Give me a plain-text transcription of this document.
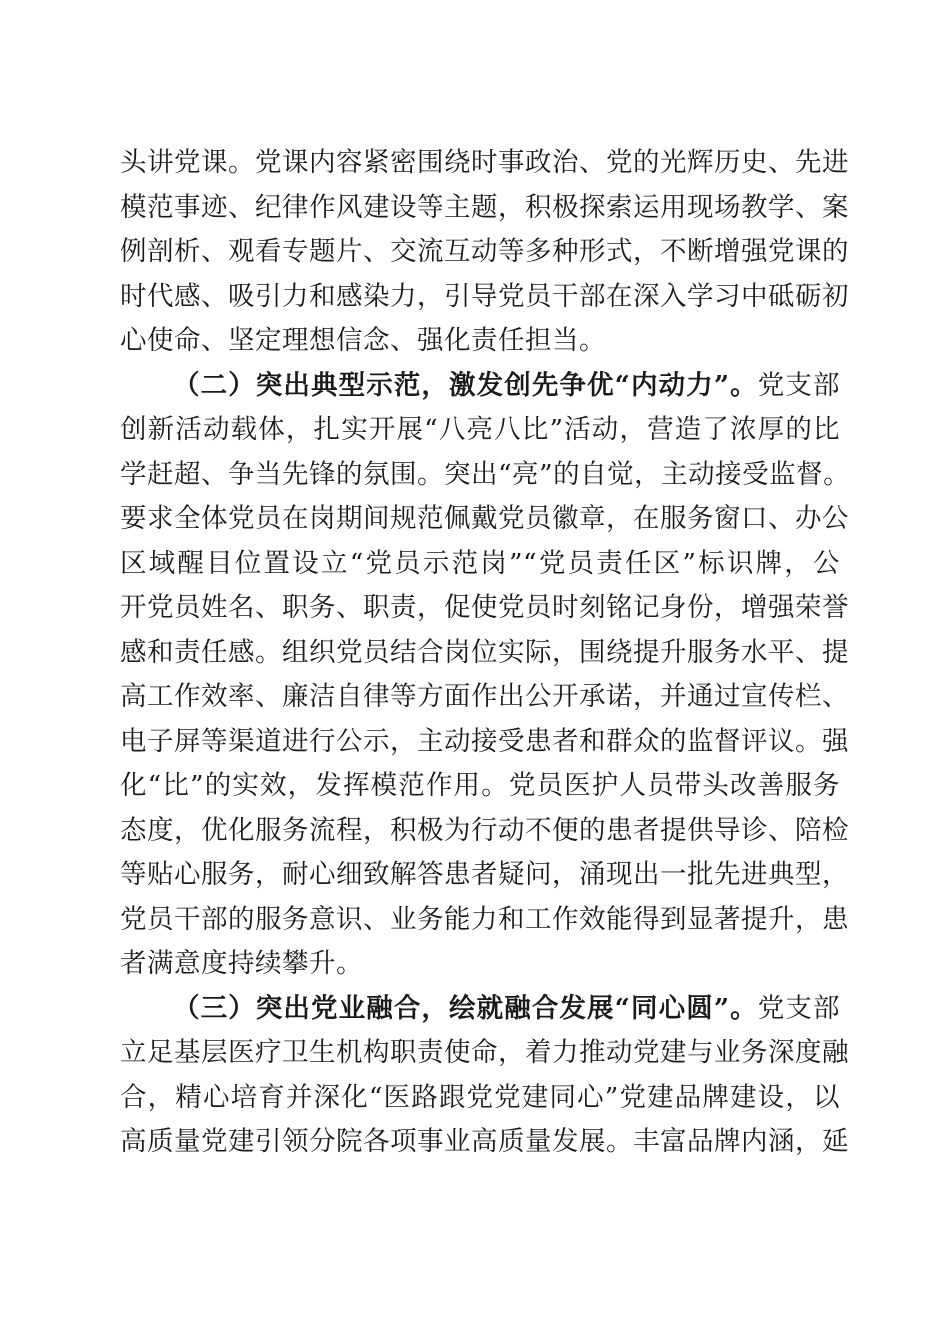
头讲党课。党课内容紧密围绕时事政治、党的光辉历史、先进
模范事迹、纪律作风建设等主题，积极探索运用现场教学、案
例剖析、观看专题片、交流互动等多种形式，不断增强党课的
时代感、吸引力和感染力，引导党员干部在深入学习中砥砺初
心使命、坚定理想信念、强化责任担当。
（二）突出典型示范，激发创先争优“内动力”。党支部
创新活动载体，扎实开展“八亮八比”活动，营造了浓厚的比
学赶超、争当先锋的氛围。突出“亮”的自觉，主动接受监督。
要求全体党员在岗期间规范佩戴党员徽章，在服务窗口、办公
区域醒目位置设立“党员示范岗”“党员责任区”标识牌，公
开党员姓名、职务、职责，促使党员时刻铭记身份，增强荣誉
感和责任感。组织党员结合岗位实际，围绕提升服务水平、提
高工作效率、廉洁自律等方面作出公开承诺，并通过宣传栏、
电子屏等渠道进行公示，主动接受患者和群众的监督评议。强
化“比”的实效，发挥模范作用。党员医护人员带头改善服务
态度，优化服务流程，积极为行动不便的患者提供导诊、陪检
等贴心服务，耐心细致解答患者疑问，涌现出一批先进典型，
党员干部的服务意识、业务能力和工作效能得到显著提升，患
者满意度持续攀升。
（三）突出党业融合，绘就融合发展“同心圆”。党支部
立足基层医疗卫生机构职责使命，着力推动党建与业务深度融
合，精心培育并深化“医路跟党党建同心”党建品牌建设，以
高质量党建引领分院各项事业高质量发展。丰富品牌内涵，延
